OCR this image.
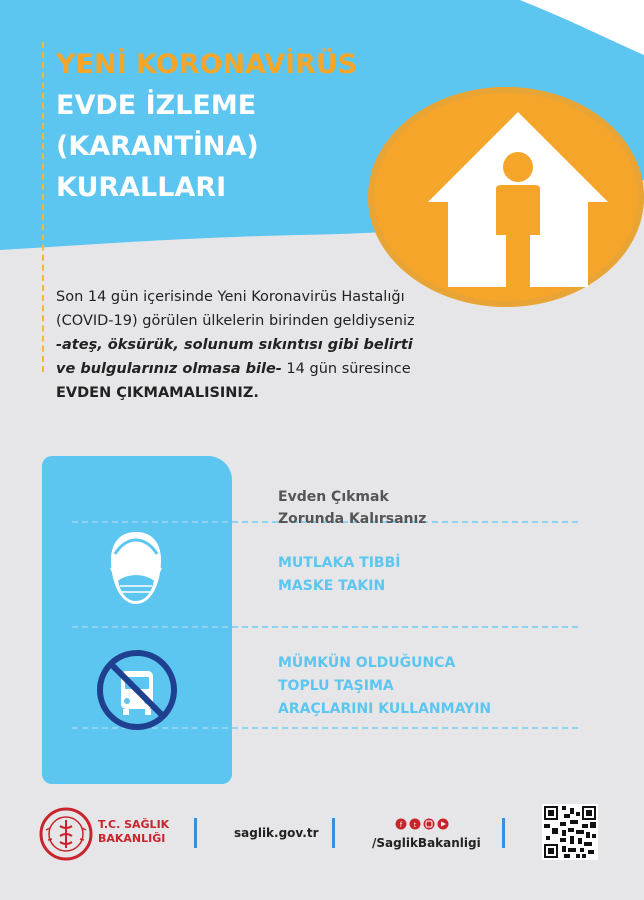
YENİ KORONAVİRÜS
EVDE İZLEME
(KARANTİNA)
KURALLARI
Son 14 gün içerisinde Yeni Koronavirüs Hastalığı (COVID-19) görülen ülkelerin birinden geldiyseniz -ateş, öksürük, solunum sıkıntısı gibi belirti ve bulgularınız olmasa bile- 14 gün süresince EVDEN ÇIKMAMALISINIZ.
Evden Çıkmak
Zorunda Kalırsanız
MUTLAKA TIBBİ
MASKE TAKIN
MÜMKÜN OLDUĞUNCA
TOPLU TAŞIMA
ARAÇLARINI KULLANMAYIN
T.C. SAĞLIK
BAKANLIĞI	saglik.gov.tr
f t
/SaglikBakanligi
